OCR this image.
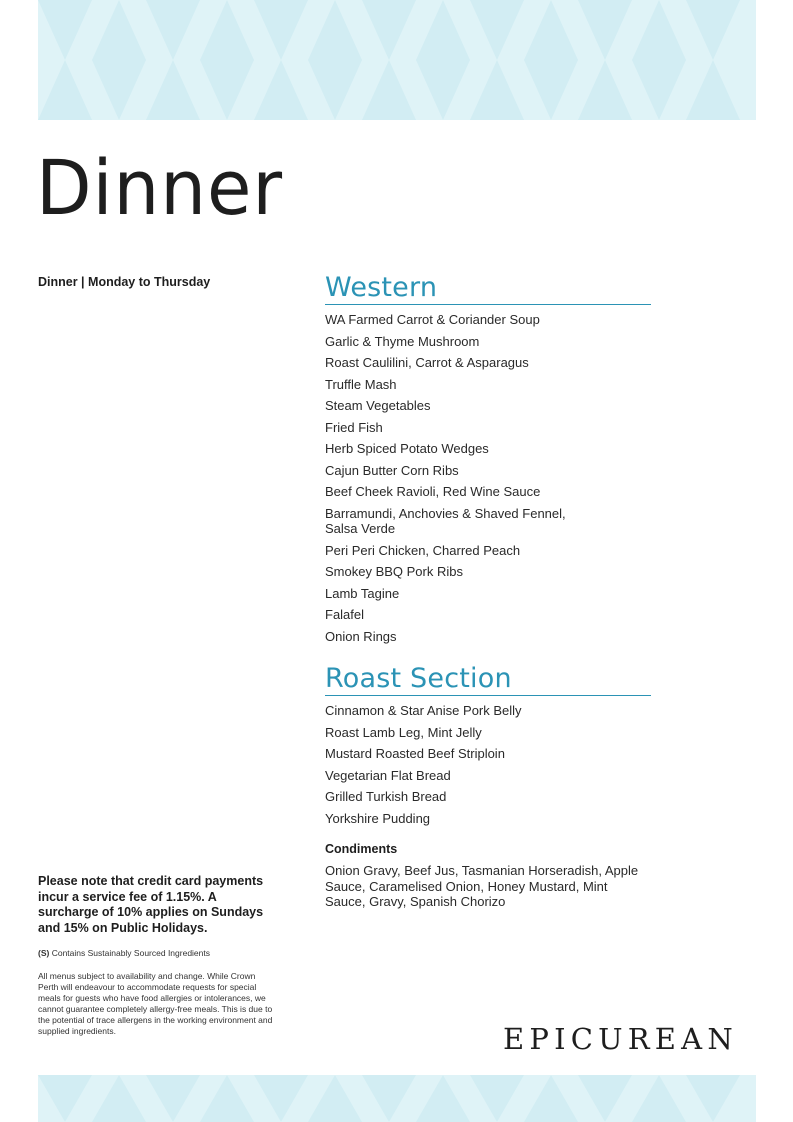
Dinner
Dinner | Monday to Thursday	Western
WA Farmed Carrot & Coriander Soup
Garlic & Thyme Mushroom
Roast Caulilini, Carrot & Asparagus
Truffle Mash
Steam Vegetables
Fried Fish
Herb Spiced Potato Wedges
Cajun Butter Corn Ribs
Beef Cheek Ravioli, Red Wine Sauce
Barramundi, Anchovies & Shaved Fennel,
Salsa Verde
Peri Peri Chicken, Charred Peach
Smokey BBQ Pork Ribs
Lamb Tagine
Falafel
Onion Rings
Roast Section
Cinnamon & Star Anise Pork Belly
Roast Lamb Leg, Mint Jelly
Mustard Roasted Beef Striploin
Vegetarian Flat Bread
Grilled Turkish Bread
Yorkshire Pudding
Condiments
Onion Gravy, Beef Jus, Tasmanian Horseradish, Apple Sauce, Caramelised Onion, Honey Mustard, Mint Sauce, Gravy, Spanish Chorizo
Please note that credit card payments incur a service fee of 1.15%. A surcharge of 10% applies on Sundays and 15% on Public Holidays.
(S) Contains Sustainably Sourced Ingredients
All menus subject to availability and change. While Crown Perth will endeavour to accommodate requests for special meals for guests who have food allergies or intolerances, we cannot guarantee completely allergy-free meals. This is due to the potential of trace allergens in the working environment and supplied ingredients.	EPICUREAN
